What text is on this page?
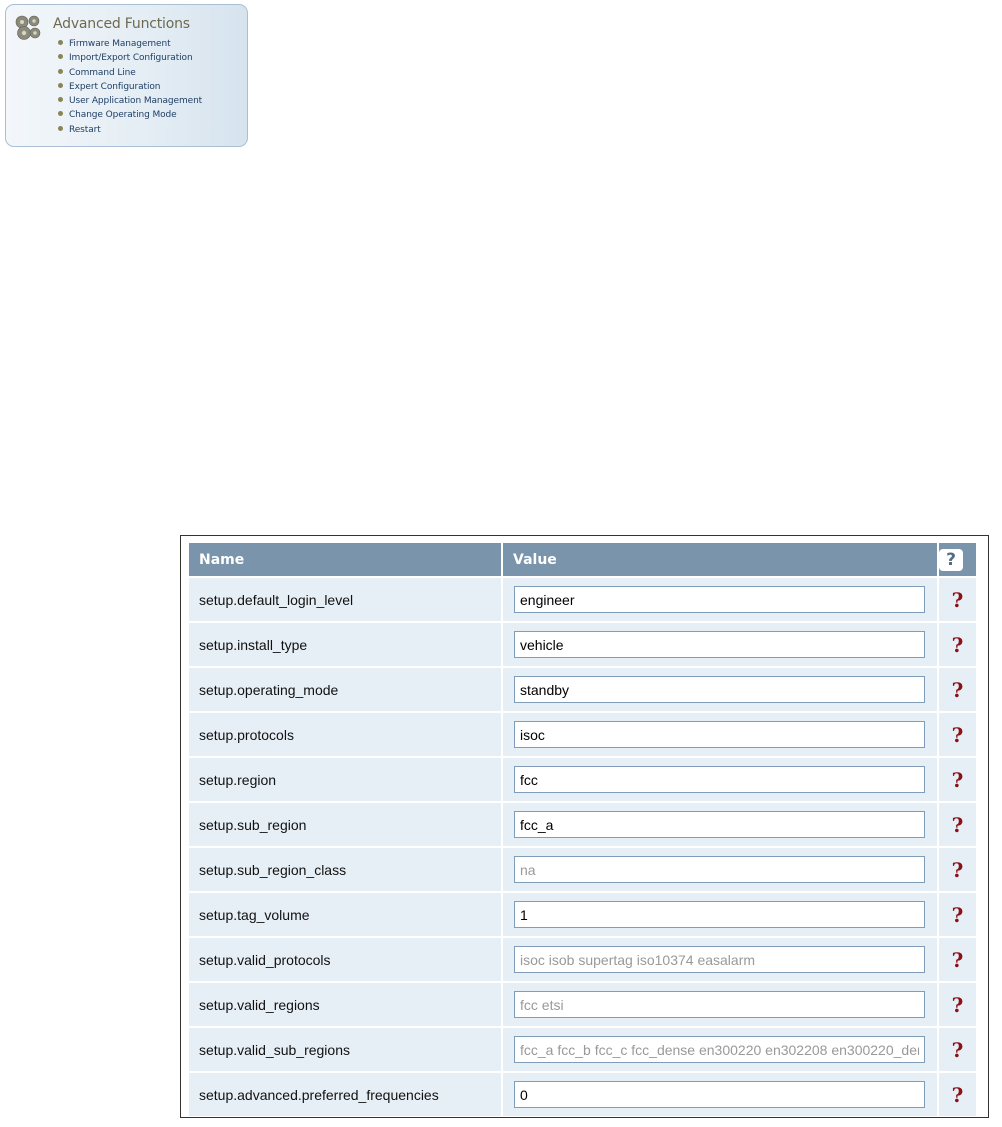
Advanced Functions
Firmware Management
Import/Export Configuration
Command Line
Expert Configuration
User Application Management
Change Operating Mode
Restart
Name	Value	?
setup.default_login_level	engineer	?
setup.install_type	vehicle	?
setup.operating_mode	standby	?
setup.protocols	isoc	?
setup.region	fcc	?
setup.sub_region	fcc_a	?
setup.sub_region_class	na	?
setup.tag_volume	1	?
setup.valid_protocols	isoc isob supertag iso10374 easalarm	?
setup.valid_regions	fcc etsi	?
setup.valid_sub_regions	fcc_a fcc_b fcc_c fcc_dense en300220 en302208 en300220_dense	?
setup.advanced.preferred_frequencies	0	?
